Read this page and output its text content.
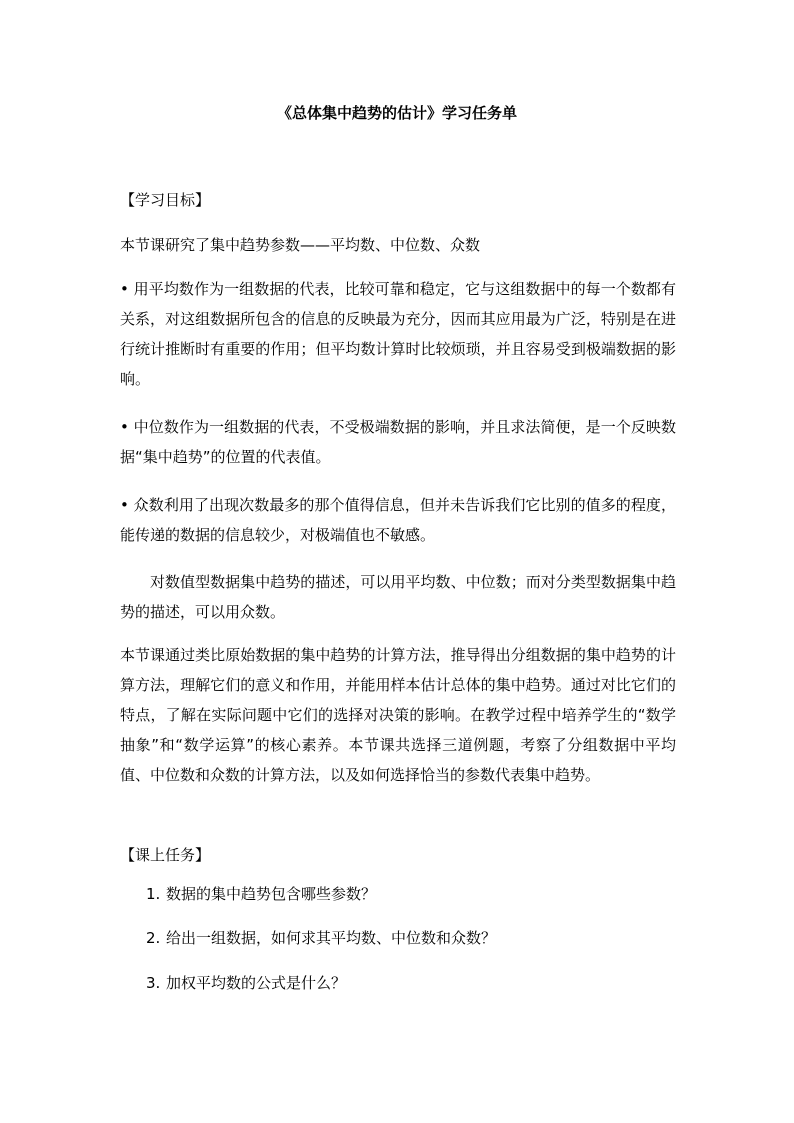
《总体集中趋势的估计》学习任务单
【学习目标】

本节课研究了集中趋势参数——平均数、中位数、众数

• 用平均数作为一组数据的代表，比较可靠和稳定，它与这组数据中的每一个数都有关系，对这组数据所包含的信息的反映最为充分，因而其应用最为广泛，特别是在进行统计推断时有重要的作用；但平均数计算时比较烦琐，并且容易受到极端数据的影响。

• 中位数作为一组数据的代表，不受极端数据的影响，并且求法简便，是一个反映数据“集中趋势”的位置的代表值。

• 众数利用了出现次数最多的那个值得信息，但并未告诉我们它比别的值多的程度，能传递的数据的信息较少，对极端值也不敏感。

对数值型数据集中趋势的描述，可以用平均数、中位数；而对分类型数据集中趋势的描述，可以用众数。

本节课通过类比原始数据的集中趋势的计算方法，推导得出分组数据的集中趋势的计算方法，理解它们的意义和作用，并能用样本估计总体的集中趋势。通过对比它们的特点，了解在实际问题中它们的选择对决策的影响。在教学过程中培养学生的“数学抽象”和“数学运算”的核心素养。本节课共选择三道例题，考察了分组数据中平均值、中位数和众数的计算方法，以及如何选择恰当的参数代表集中趋势。

【课上任务】
1. 数据的集中趋势包含哪些参数？
2. 给出一组数据，如何求其平均数、中位数和众数？
3. 加权平均数的公式是什么？
